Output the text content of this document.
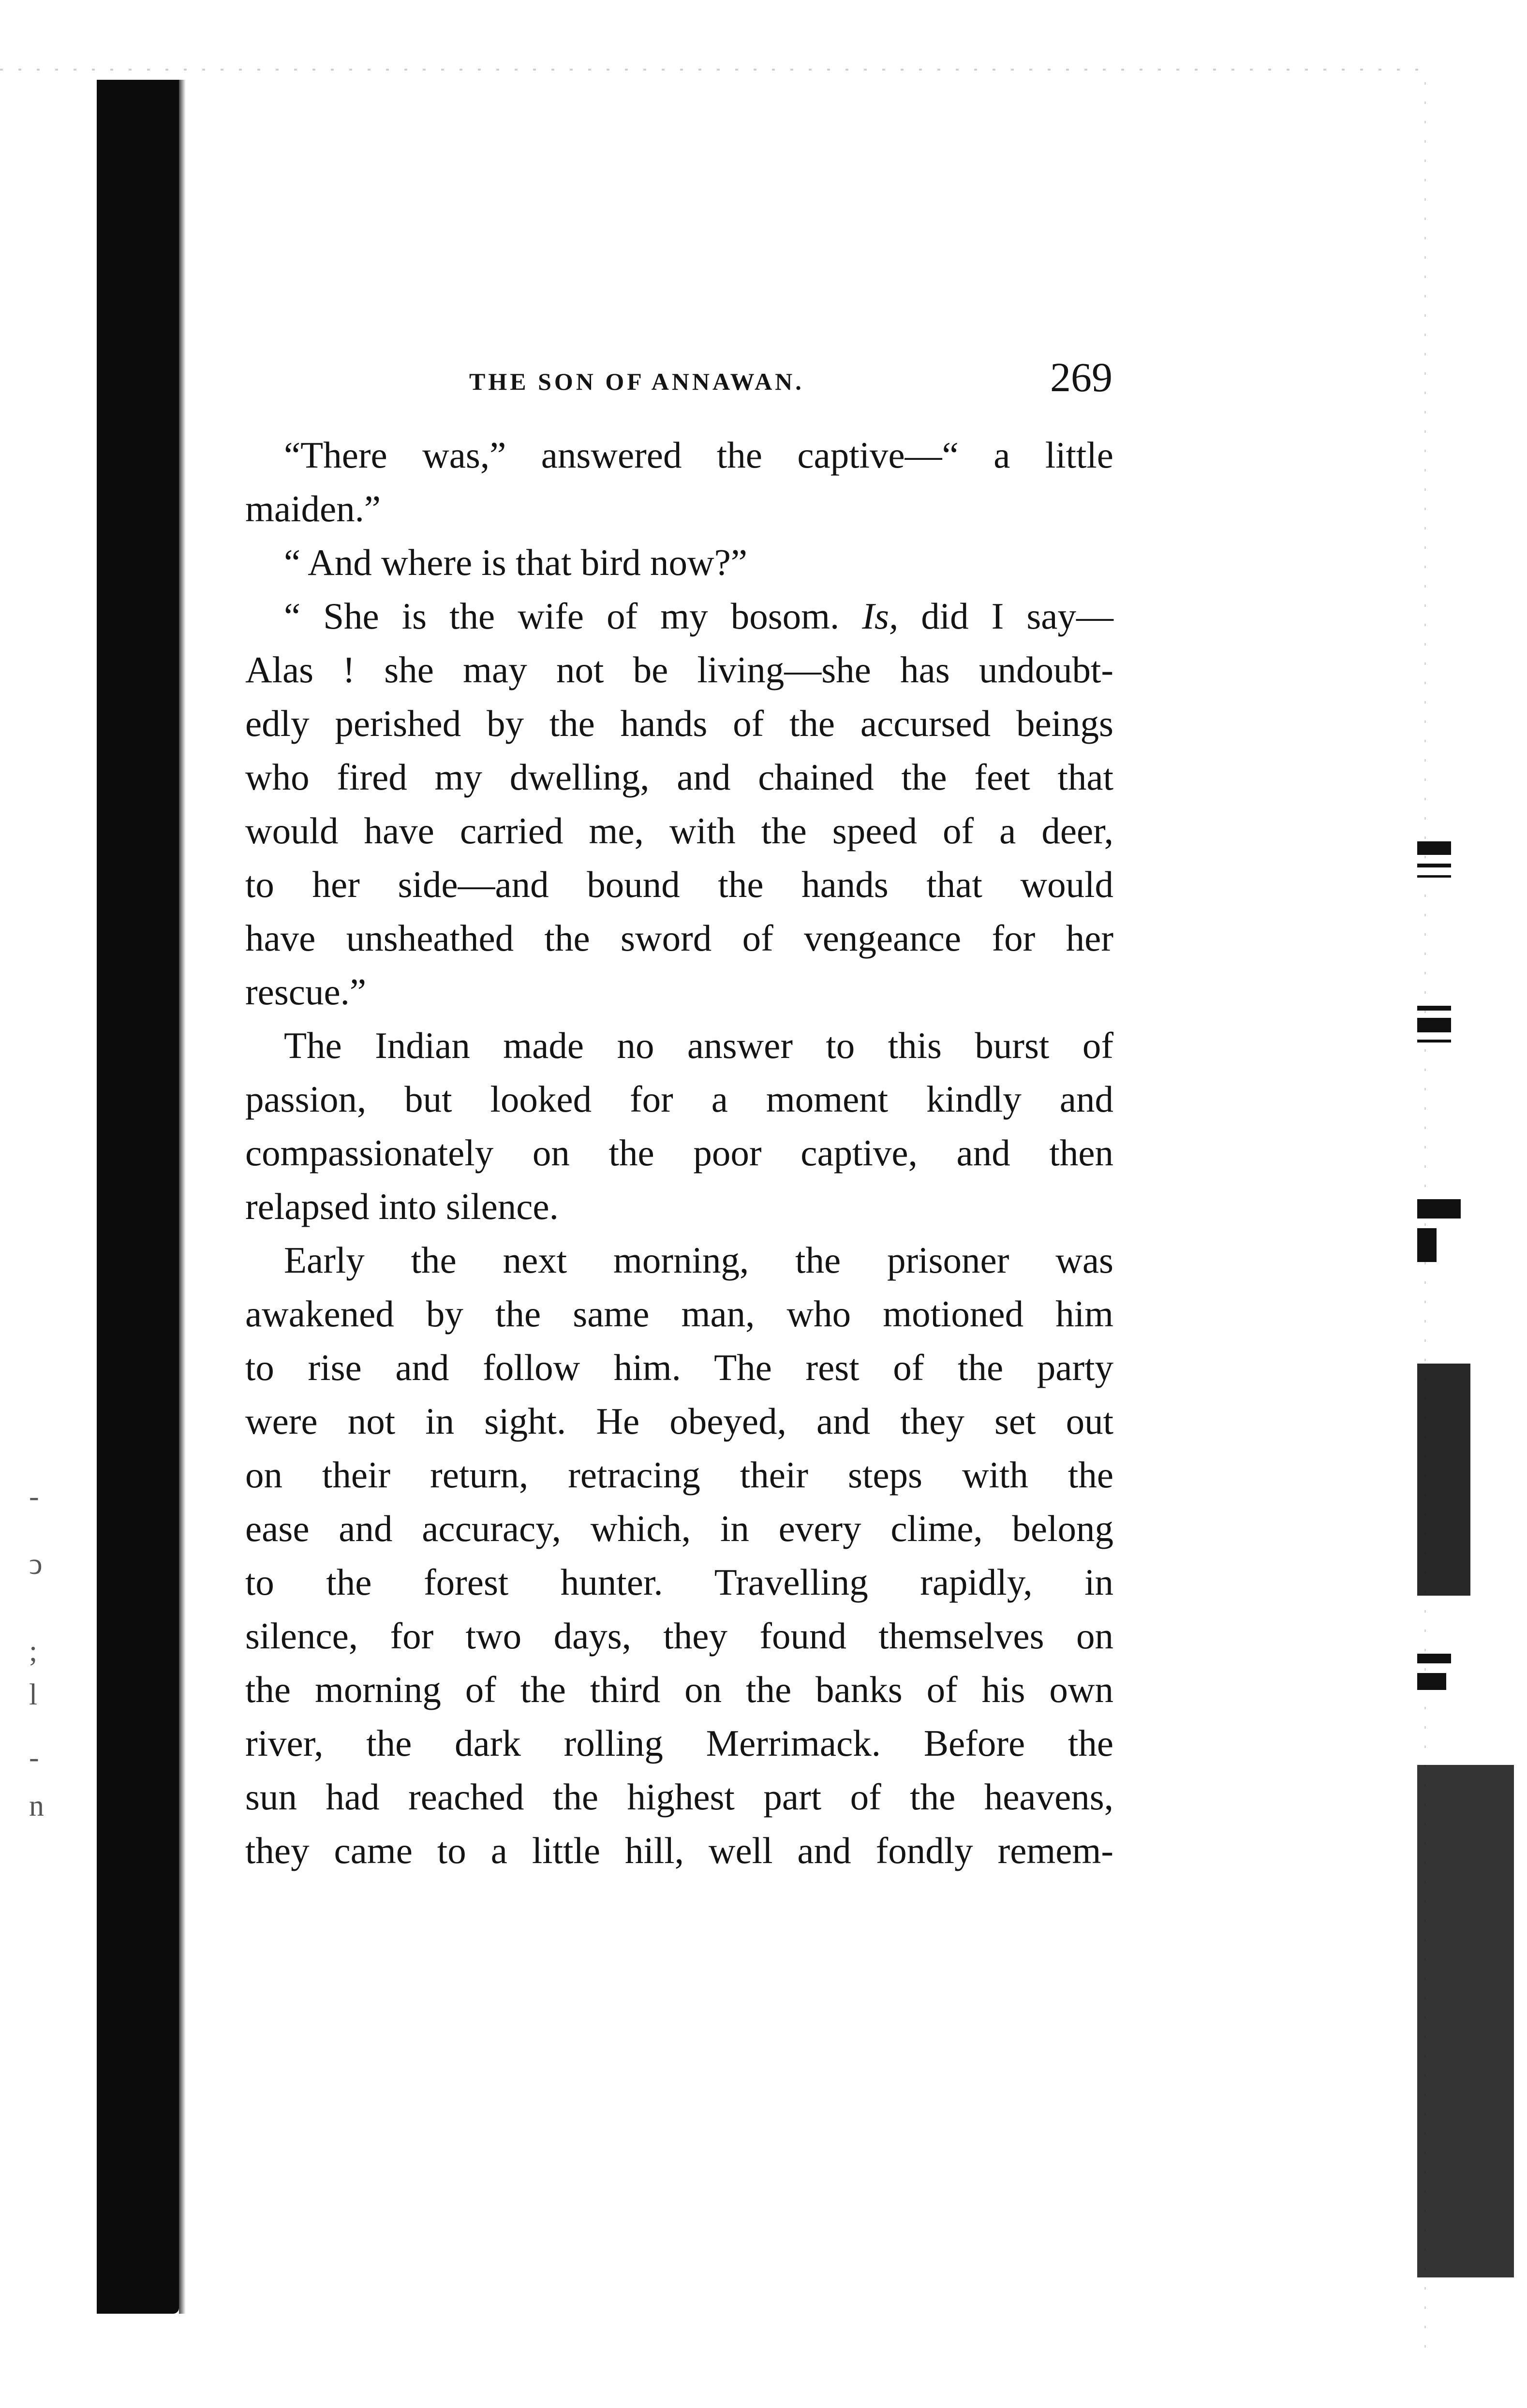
-
ͻ
;
l
-
n
THE SON OF ANNAWAN.	269
“There was,” answered the captive—“ a little
maiden.”
“ And where is that bird now?”
“ She is the wife of my bosom. Is, did I say—
Alas ! she may not be living—she has undoubt-
edly perished by the hands of the accursed beings
who fired my dwelling, and chained the feet that
would have carried me, with the speed of a deer,
to her side—and bound the hands that would
have unsheathed the sword of vengeance for her
rescue.”
The Indian made no answer to this burst of
passion, but looked for a moment kindly and
compassionately on the poor captive, and then
relapsed into silence.
Early the next morning, the prisoner was
awakened by the same man, who motioned him
to rise and follow him. The rest of the party
were not in sight. He obeyed, and they set out
on their return, retracing their steps with the
ease and accuracy, which, in every clime, belong
to the forest hunter. Travelling rapidly, in
silence, for two days, they found themselves on
the morning of the third on the banks of his own
river, the dark rolling Merrimack. Before the
sun had reached the highest part of the heavens,
they came to a little hill, well and fondly remem-
